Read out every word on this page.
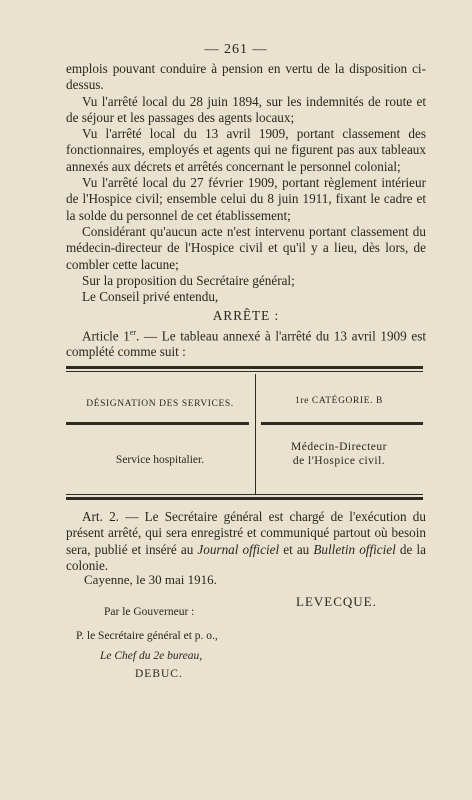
— 261 —

emplois pouvant conduire à pension en vertu de la disposition ci-dessus.

Vu l'arrêté local du 28 juin 1894, sur les indemnités de route et de séjour et les passages des agents locaux;

Vu l'arrêté local du 13 avril 1909, portant classement des fonctionnaires, employés et agents qui ne figurent pas aux tableaux annexés aux décrets et arrêtés concernant le personnel colonial;

Vu l'arrêté local du 27 février 1909, portant règlement intérieur de l'Hospice civil; ensemble celui du 8 juin 1911, fixant le cadre et la solde du personnel de cet établissement;

Considérant qu'aucun acte n'est intervenu portant classement du médecin-directeur de l'Hospice civil et qu'il y a lieu, dès lors, de combler cette lacune;

Sur la proposition du Secrétaire général;

Le Conseil privé entendu,

ARRÊTE :

Article 1er. — Le tableau annexé à l'arrêté du 13 avril 1909 est complété comme suit :

DÉSIGNATION DES SERVICES.	1re CATÉGORIE. B
Service hospitalier.
Médecin-Directeur
de l'Hospice civil.
Art. 2. — Le Secrétaire général est chargé de l'exécution du présent arrêté, qui sera enregistré et communiqué partout où besoin sera, publié et inséré au Journal officiel et au Bulletin officiel de la colonie.
Cayenne, le 30 mai 1916.
LEVECQUE.
Par le Gouverneur :
P. le Secrétaire général et p. o.,
Le Chef du 2e bureau,
DEBUC.
